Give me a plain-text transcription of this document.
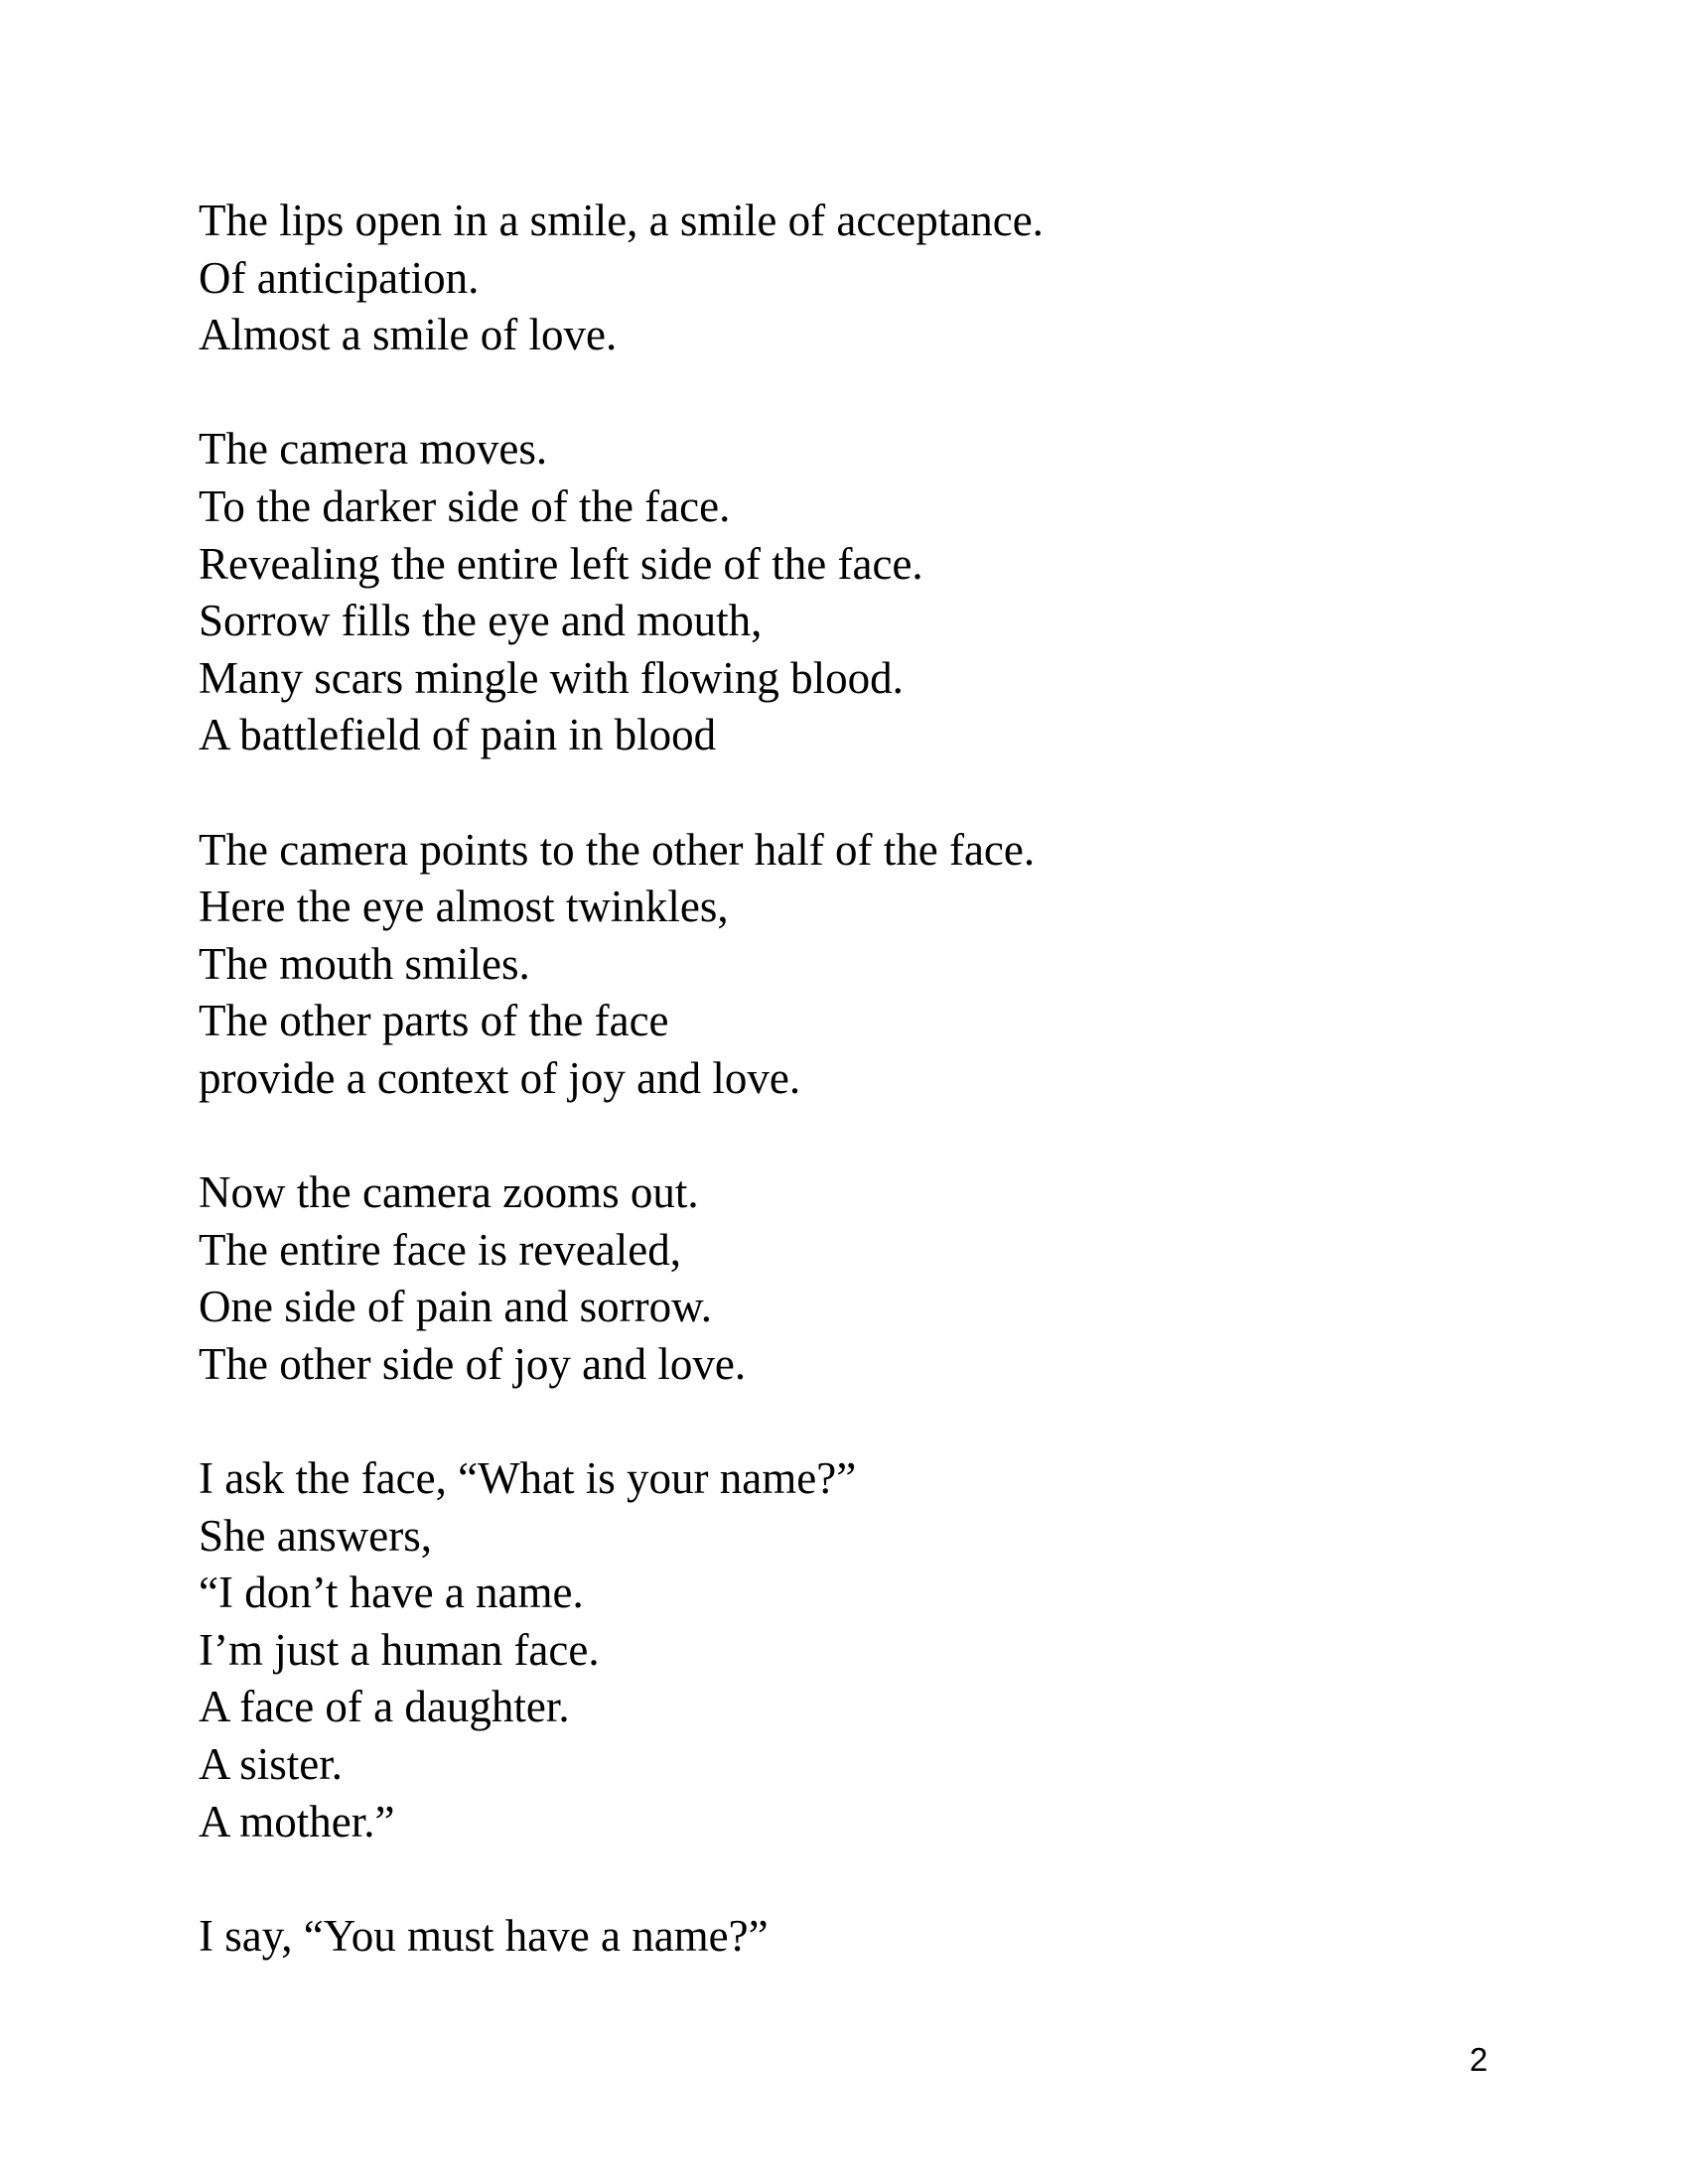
The lips open in a smile, a smile of acceptance.
Of anticipation.
Almost a smile of love.
The camera moves.
To the darker side of the face.
Revealing the entire left side of the face.
Sorrow fills the eye and mouth,
Many scars mingle with flowing blood.
A battlefield of pain in blood
The camera points to the other half of the face.
Here the eye almost twinkles,
The mouth smiles.
The other parts of the face
provide a context of joy and love.
Now the camera zooms out.
The entire face is revealed,
One side of pain and sorrow.
The other side of joy and love.
I ask the face, “What is your name?”
She answers,
“I don’t have a name.
I’m just a human face.
A face of a daughter.
A sister.
A mother.”
I say, “You must have a name?”
2
